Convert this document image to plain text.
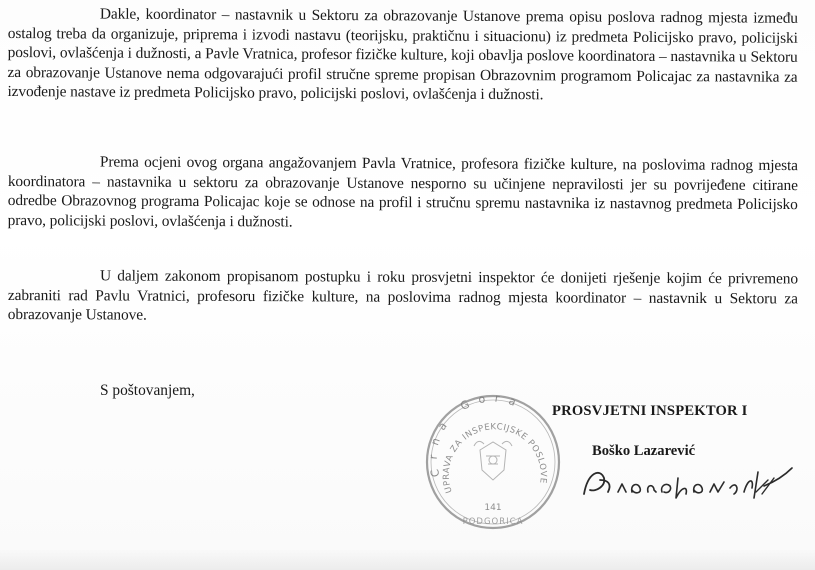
Dakle, koordinator – nastavnik u Sektoru za obrazovanje Ustanove prema opisu poslova radnog mjesta između ostalog treba da organizuje, priprema i izvodi nastavu (teorijsku, praktičnu i situacionu) iz predmeta Policijsko pravo, policijski poslovi, ovlašćenja i dužnosti, a Pavle Vratnica, profesor fizičke kulture, koji obavlja poslove koordinatora – nastavnika u Sektoru za obrazovanje Ustanove nema odgovarajući profil stručne spreme propisan Obrazovnim programom Policajac za nastavnika za izvođenje nastave iz predmeta Policijsko pravo, policijski poslovi, ovlašćenja i dužnosti.

Prema ocjeni ovog organa angažovanjem Pavla Vratnice, profesora fizičke kulture, na poslovima radnog mjesta koordinatora – nastavnika u sektoru za obrazovanje Ustanove nesporno su učinjene nepravilosti jer su povrijeđene citirane odredbe Obrazovnog programa Policajac koje se odnose na profil i stručnu spremu nastavnika iz nastavnog predmeta Policijsko pravo, policijski poslovi, ovlašćenja i dužnosti.

U daljem zakonom propisanom postupku i roku prosvjetni inspektor će donijeti rješenje kojim će privremeno zabraniti rad Pavlu Vratnici, profesoru fizičke kulture, na poslovima radnog mjesta koordinator – nastavnik u Sektoru za obrazovanje Ustanove.

S poštovanjem,

PROSVJETNI INSPEKTOR I

Boško Lazarević

Crna Gora
UPRAVA ZA INSPEKCIJSKE POSLOVE
141
PODGORICA
